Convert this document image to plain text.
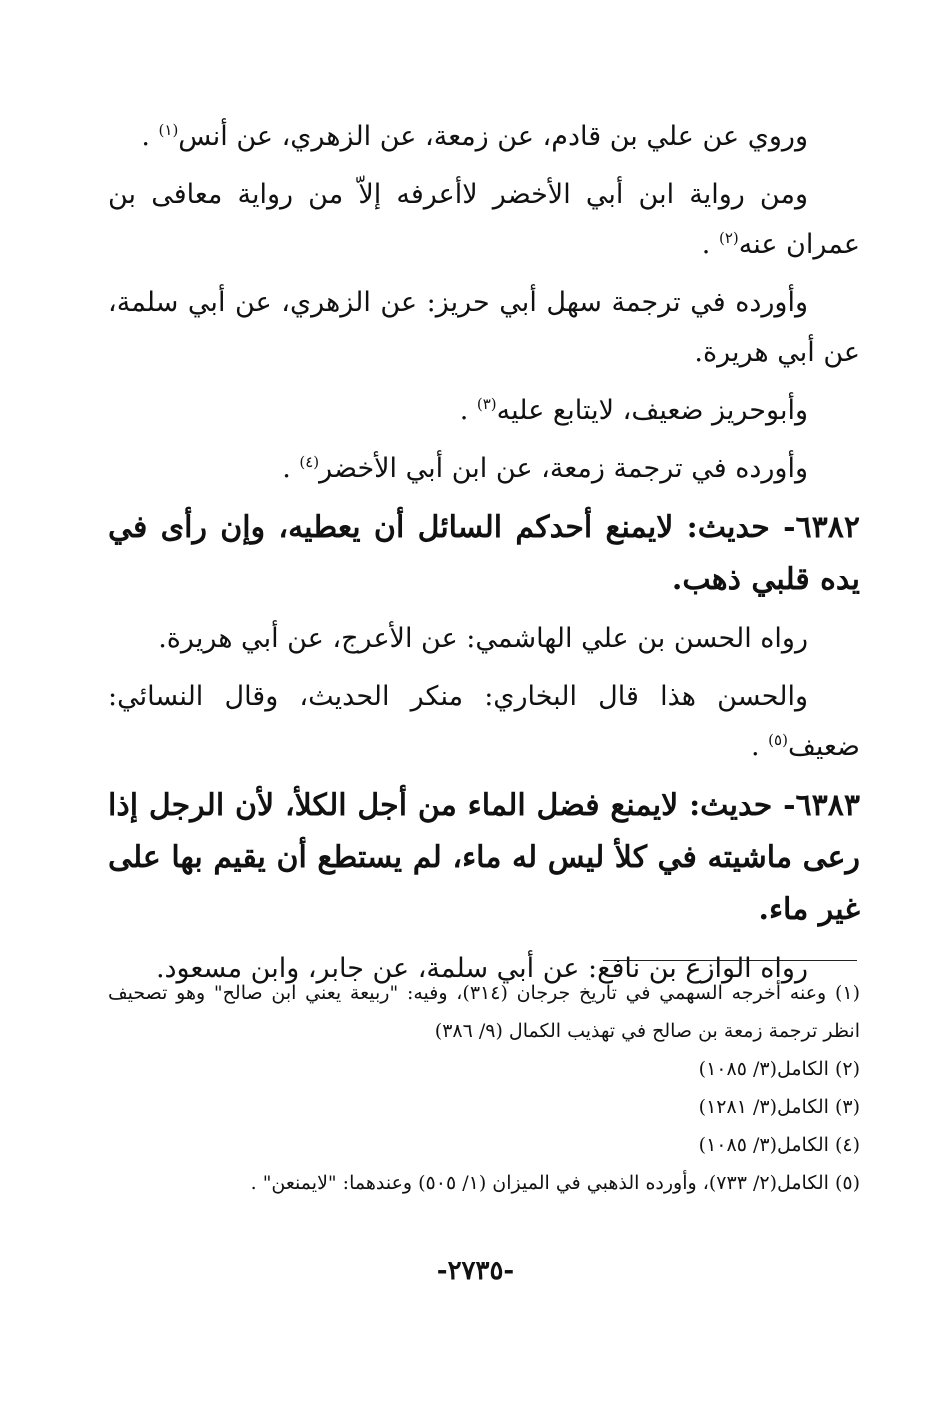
وروي عن علي بن قادم، عن زمعة، عن الزهري، عن أنس$^{(١)}$ .

ومن رواية ابن أبي الأخضر لاأعرفه إلاّ من رواية معافى بن عمران عنه$^{(٢)}$ .

وأورده في ترجمة سهل أبي حريز: عن الزهري، عن أبي سلمة، عن أبي هريرة.

وأبوحريز ضعيف، لايتابع عليه$^{(٣)}$ .

وأورده في ترجمة زمعة، عن ابن أبي الأخضر$^{(٤)}$ .

٦٣٨٢- حديث: لايمنع أحدكم السائل أن يعطيه، وإن رأى في يده قلبي ذهب.

رواه الحسن بن علي الهاشمي: عن الأعرج، عن أبي هريرة.

والحسن هذا قال البخاري: منكر الحديث، وقال النسائي: ضعيف$^{(٥)}$ .

٦٣٨٣- حديث: لايمنع فضل الماء من أجل الكلأ، لأن الرجل إذا رعى ماشيته في كلأ ليس له ماء، لم يستطع أن يقيم بها على غير ماء.

رواه الوازع بن نافع: عن أبي سلمة، عن جابر، وابن مسعود.

(١) وعنه أخرجه السهمي في تاريخ جرجان (٣١٤)، وفيه: "ربيعة يعني ابن صالح" وهو تصحيف انظر ترجمة زمعة بن صالح في تهذيب الكمال (٩/ ٣٨٦)

(٢) الكامل(٣/ ١٠٨٥)

(٣) الكامل(٣/ ١٢٨١)

(٤) الكامل(٣/ ١٠٨٥)

(٥) الكامل(٢/ ٧٣٣)، وأورده الذهبي في الميزان (١/ ٥٠٥) وعندهما: "لايمنعن" .

-٢٧٣٥-
